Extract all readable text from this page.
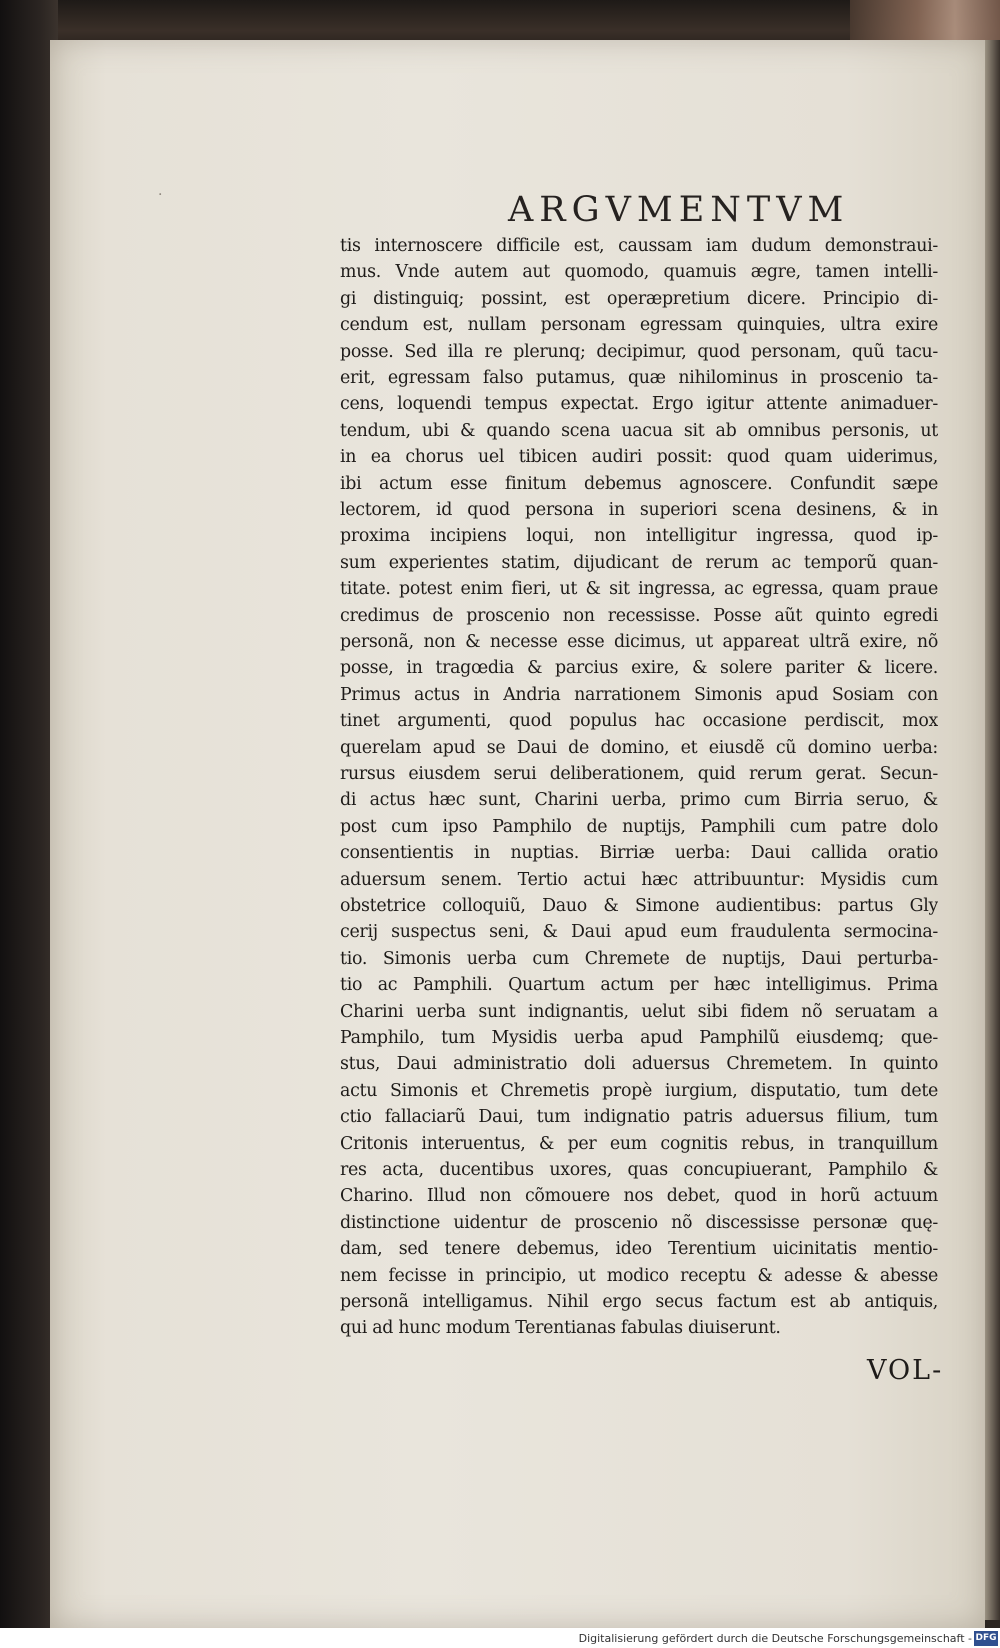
·	ARGVMENTVM
tis internoscere difficile est, caussam iam dudum demonstraui-
mus. Vnde autem aut quomodo, quamuis ægre, tamen intelli-
gi distinguiq; possint, est operæpretium dicere. Principio di-
cendum est, nullam personam egressam quinquies, ultra exire
posse. Sed illa re plerunq; decipimur, quod personam, quũ tacu-
erit, egressam falso putamus, quæ nihilominus in proscenio ta-
cens, loquendi tempus expectat. Ergo igitur attente animaduer-
tendum, ubi & quando scena uacua sit ab omnibus personis, ut
in ea chorus uel tibicen audiri possit: quod quam uiderimus,
ibi actum esse finitum debemus agnoscere. Confundit sæpe
lectorem, id quod persona in superiori scena desinens, & in
proxima incipiens loqui, non intelligitur ingressa, quod ip-
sum experientes statim, dijudicant de rerum ac temporũ quan-
titate. potest enim fieri, ut & sit ingressa, ac egressa, quam praue
credimus de proscenio non recessisse. Posse aũt quinto egredi
personã, non & necesse esse dicimus, ut appareat ultrã exire, nõ
posse, in tragœdia & parcius exire, & solere pariter & licere.
Primus actus in Andria narrationem Simonis apud Sosiam con
tinet argumenti, quod populus hac occasione perdiscit, mox
querelam apud se Daui de domino, et eiusdẽ cũ domino uerba:
rursus eiusdem serui deliberationem, quid rerum gerat. Secun-
di actus hæc sunt, Charini uerba, primo cum Birria seruo, &
post cum ipso Pamphilo de nuptijs, Pamphili cum patre dolo
consentientis in nuptias. Birriæ uerba: Daui callida oratio
aduersum senem. Tertio actui hæc attribuuntur: Mysidis cum
obstetrice colloquiũ, Dauo & Simone audientibus: partus Gly
cerij suspectus seni, & Daui apud eum fraudulenta sermocina-
tio. Simonis uerba cum Chremete de nuptijs, Daui perturba-
tio ac Pamphili. Quartum actum per hæc intelligimus. Prima
Charini uerba sunt indignantis, uelut sibi fidem nõ seruatam a
Pamphilo, tum Mysidis uerba apud Pamphilũ eiusdemq; que-
stus, Daui administratio doli aduersus Chremetem. In quinto
actu Simonis et Chremetis propè iurgium, disputatio, tum dete
ctio fallaciarũ Daui, tum indignatio patris aduersus filium, tum
Critonis interuentus, & per eum cognitis rebus, in tranquillum
res acta, ducentibus uxores, quas concupiuerant, Pamphilo &
Charino. Illud non cõmouere nos debet, quod in horũ actuum
distinctione uidentur de proscenio nõ discessisse personæ quę-
dam, sed tenere debemus, ideo Terentium uicinitatis mentio-
nem fecisse in principio, ut modico receptu & adesse & abesse
personã intelligamus. Nihil ergo secus factum est ab antiquis,
qui ad hunc modum Terentianas fabulas diuiserunt.
VOL-
Digitalisierung gefördert durch die Deutsche Forschungsgemeinschaft - DFG
